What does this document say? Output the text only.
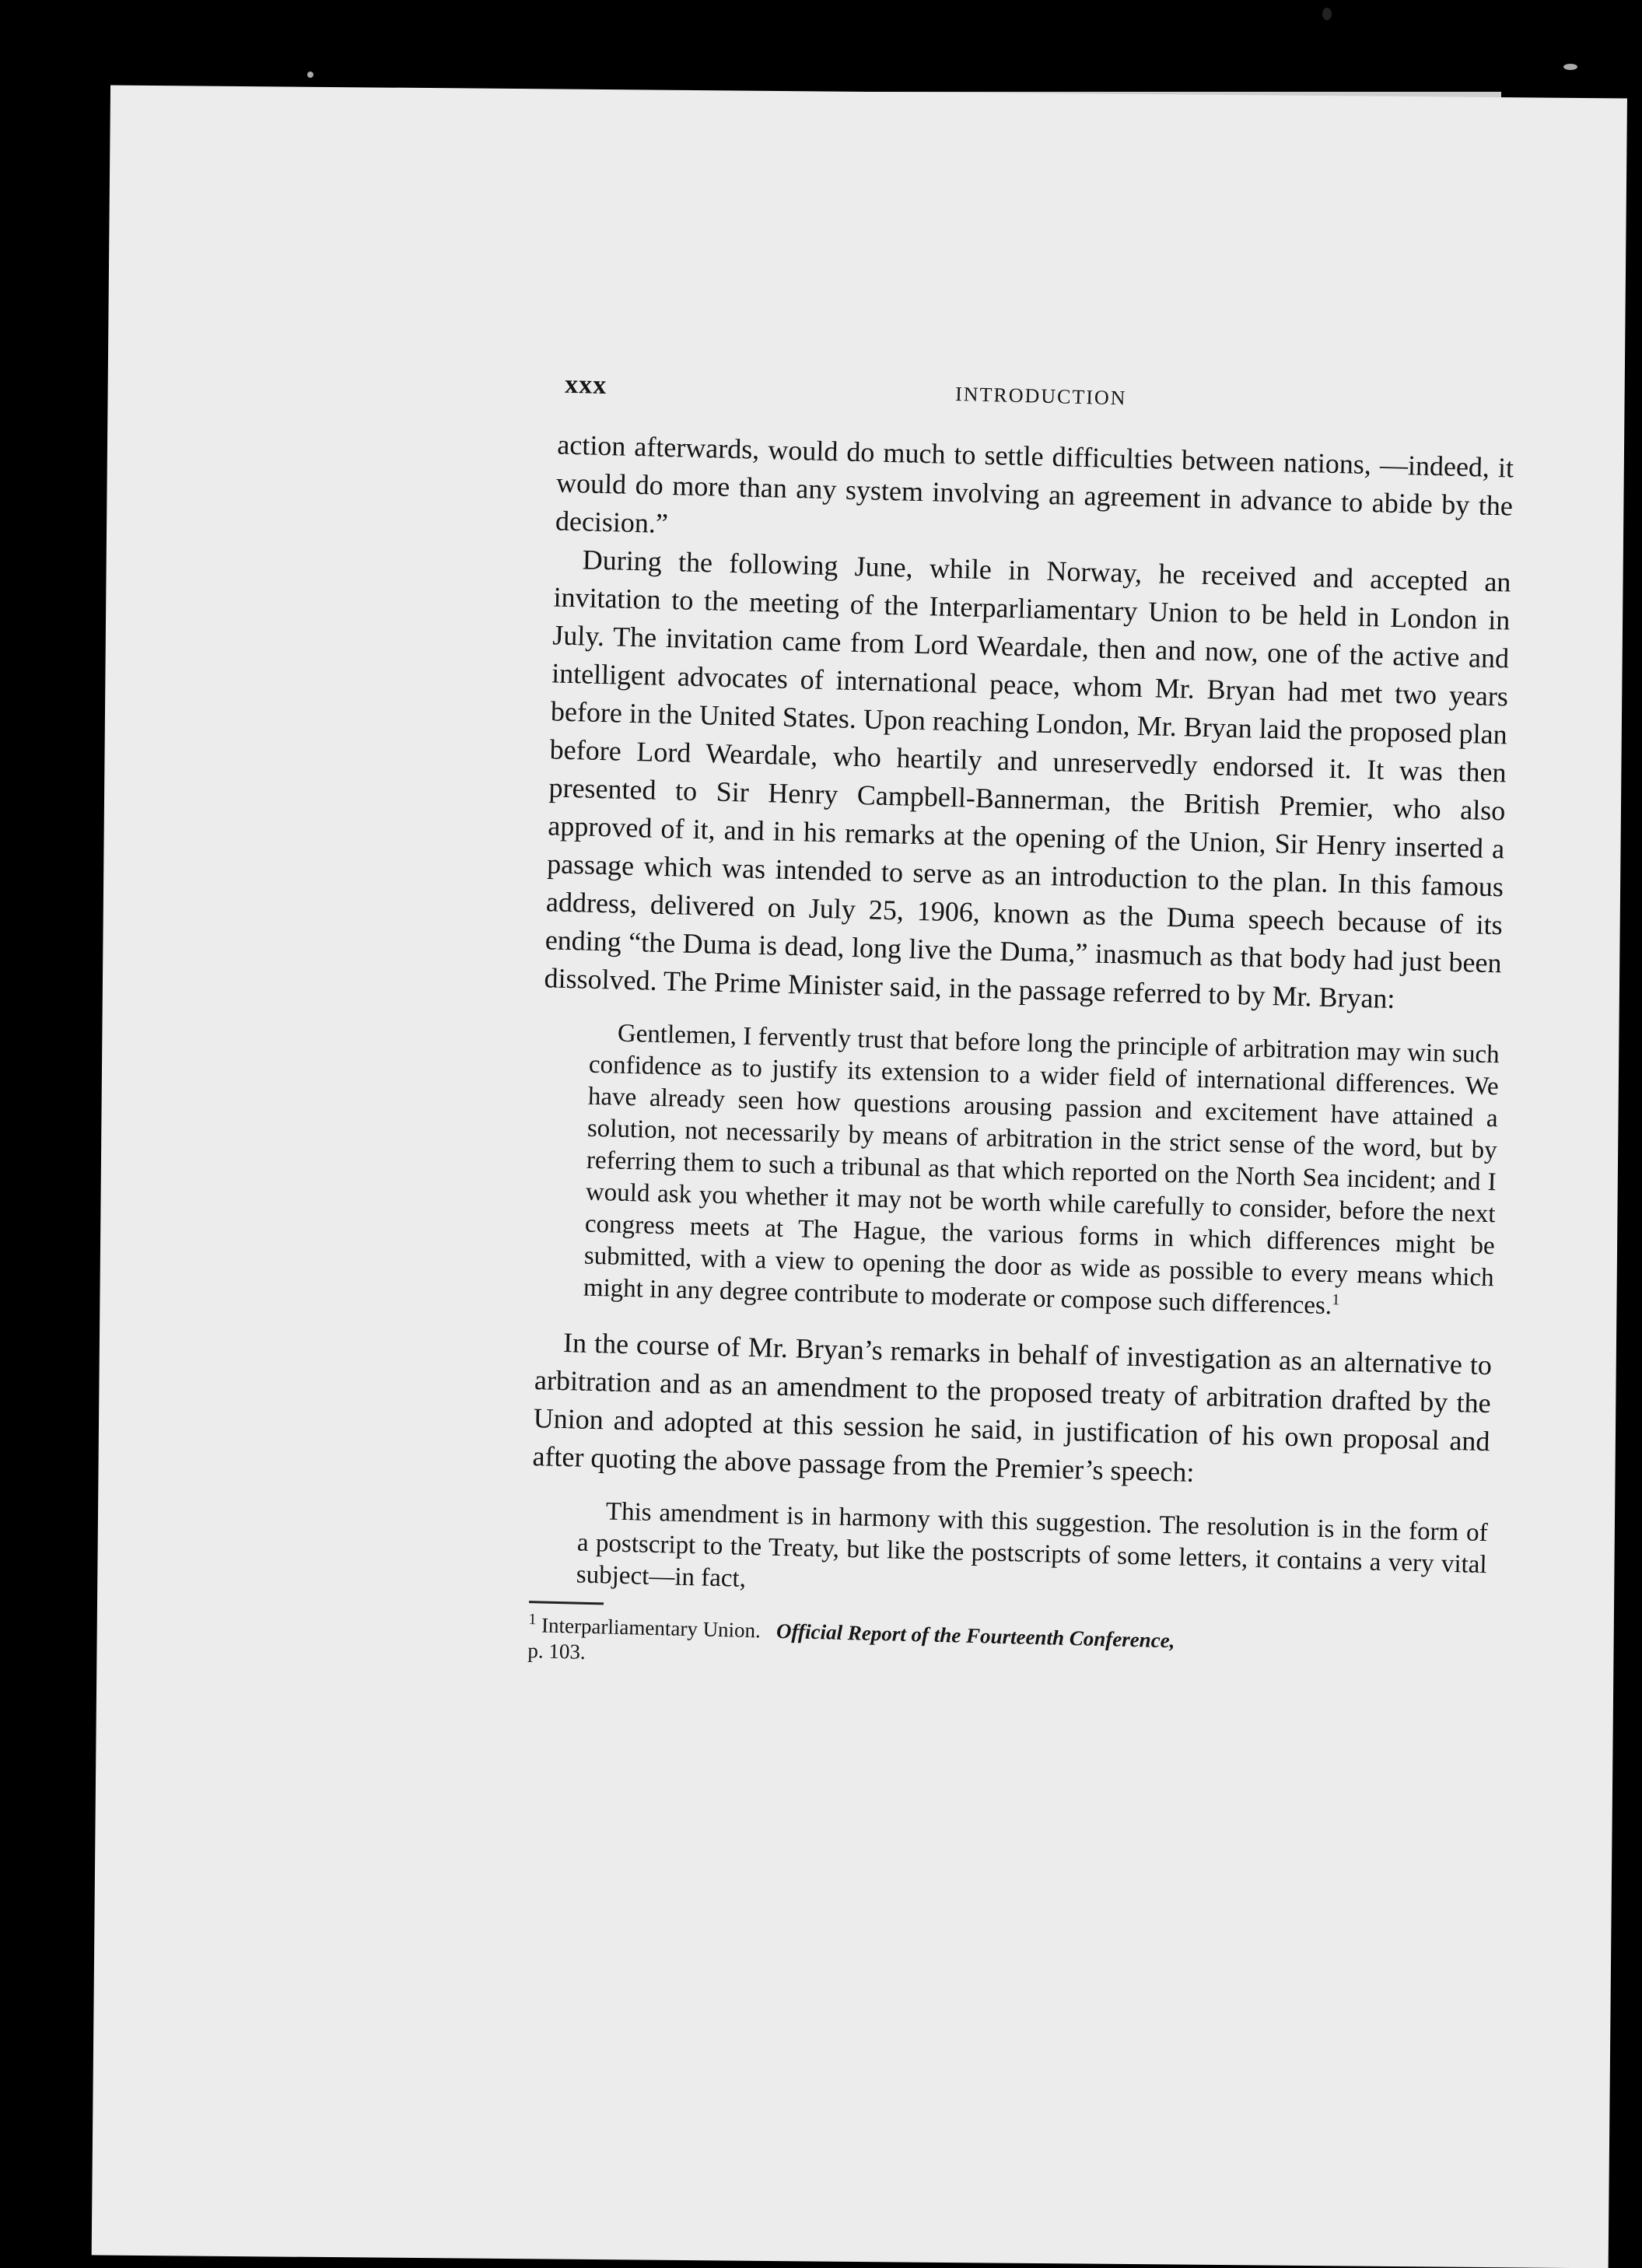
xxx	INTRODUCTION

action afterwards, would do much to settle difficulties between nations, —indeed, it would do more than any system involving an agreement in advance to abide by the decision.”

During the following June, while in Norway, he received and accepted an invitation to the meeting of the Interparliamentary Union to be held in London in July. The invitation came from Lord Weardale, then and now, one of the active and intelligent advocates of international peace, whom Mr. Bryan had met two years before in the United States. Upon reaching London, Mr. Bryan laid the proposed plan before Lord Weardale, who heartily and unreservedly endorsed it. It was then presented to Sir Henry Campbell-Bannerman, the British Premier, who also approved of it, and in his remarks at the opening of the Union, Sir Henry inserted a passage which was intended to serve as an introduction to the plan. In this famous address, delivered on July 25, 1906, known as the Duma speech because of its ending “the Duma is dead, long live the Duma,” inasmuch as that body had just been dissolved. The Prime Minister said, in the passage referred to by Mr. Bryan:

Gentlemen, I fervently trust that before long the principle of arbitration may win such confidence as to justify its extension to a wider field of international differences. We have already seen how questions arousing passion and excitement have attained a solution, not necessarily by means of arbitration in the strict sense of the word, but by referring them to such a tribunal as that which reported on the North Sea incident; and I would ask you whether it may not be worth while carefully to consider, before the next congress meets at The Hague, the various forms in which differences might be submitted, with a view to opening the door as wide as possible to every means which might in any degree contribute to moderate or compose such differences.$^1$

In the course of Mr. Bryan’s remarks in behalf of investigation as an alternative to arbitration and as an amendment to the proposed treaty of arbitration drafted by the Union and adopted at this session he said, in justification of his own proposal and after quoting the above passage from the Premier’s speech:

This amendment is in harmony with this suggestion. The resolution is in the form of a postscript to the Treaty, but like the postscripts of some letters, it contains a very vital subject—in fact,

$^1$ Interparliamentary Union. Official Report of the Fourteenth Conference,
p. 103.
